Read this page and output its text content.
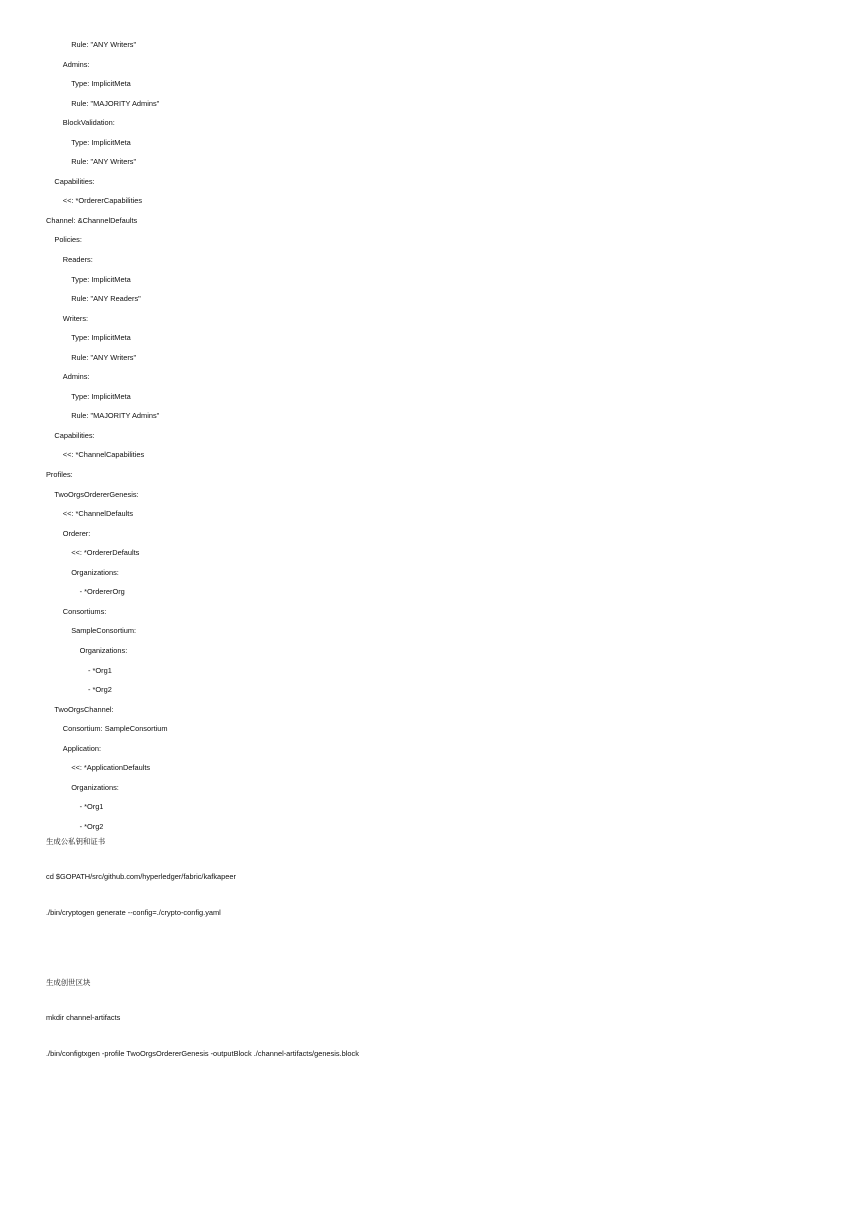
Rule: "ANY Writers"
Admins:
Type: ImplicitMeta
Rule: "MAJORITY Admins"
BlockValidation:
Type: ImplicitMeta
Rule: "ANY Writers"
Capabilities:
<<: *OrdererCapabilities
Channel: &ChannelDefaults
Policies:
Readers:
Type: ImplicitMeta
Rule: "ANY Readers"
Writers:
Type: ImplicitMeta
Rule: "ANY Writers"
Admins:
Type: ImplicitMeta
Rule: "MAJORITY Admins"
Capabilities:
<<: *ChannelCapabilities
Profiles:
TwoOrgsOrdererGenesis:
<<: *ChannelDefaults
Orderer:
<<: *OrdererDefaults
Organizations:
- *OrdererOrg
Consortiums:
SampleConsortium:
Organizations:
- *Org1
- *Org2
TwoOrgsChannel:
Consortium: SampleConsortium
Application:
<<: *ApplicationDefaults
Organizations:
- *Org1
- *Org2
生成公私钥和证书
cd $GOPATH/src/github.com/hyperledger/fabric/kafkapeer
./bin/cryptogen generate --config=./crypto-config.yaml
生成创世区块
mkdir channel-artifacts
./bin/configtxgen -profile TwoOrgsOrdererGenesis -outputBlock ./channel-artifacts/genesis.block
